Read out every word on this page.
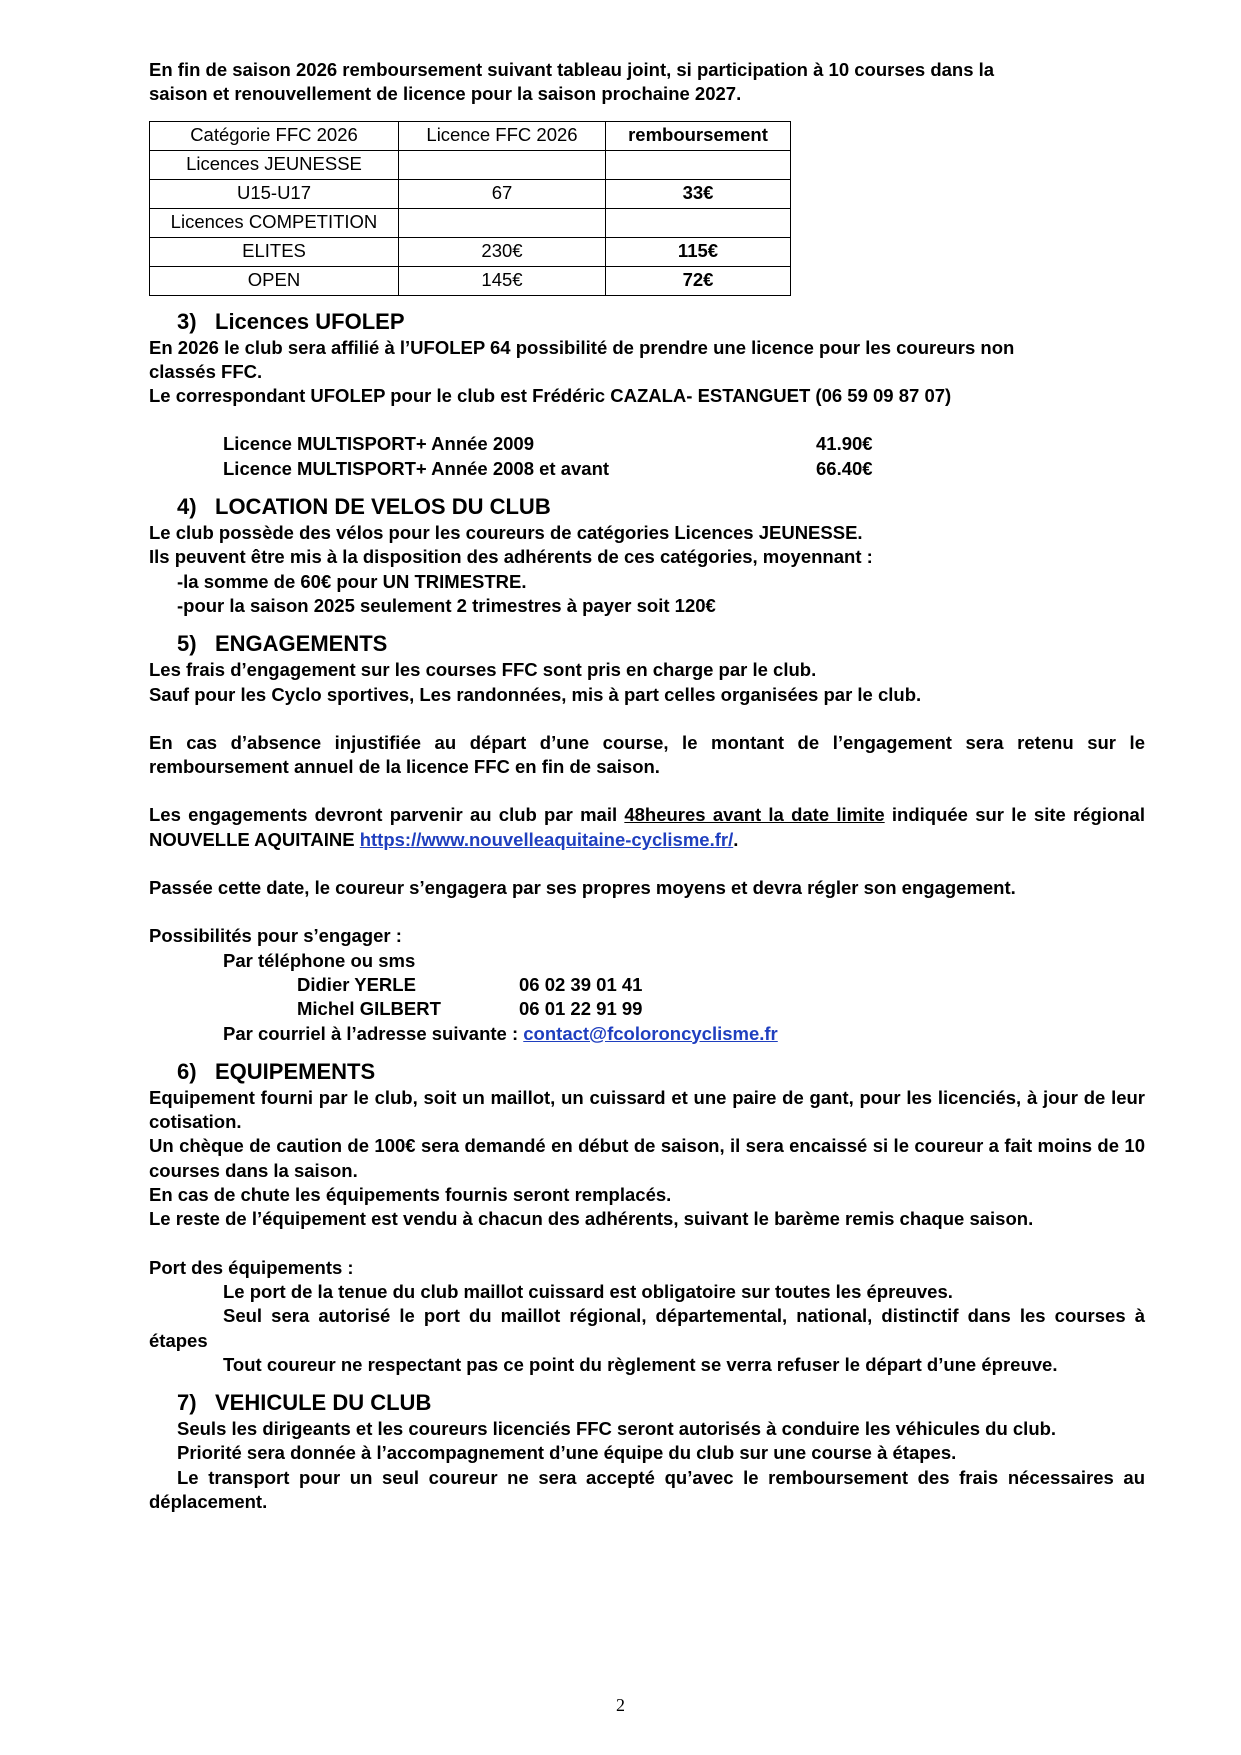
En fin de saison 2026 remboursement suivant tableau joint, si participation à 10 courses dans la

saison et renouvellement de licence pour la saison prochaine 2027.

Catégorie FFC 2026	Licence FFC 2026	remboursement
Licences JEUNESSE		
U15-U17	67	33€
Licences COMPETITION		
ELITES	230€	115€
OPEN	145€	72€
3) Licences UFOLEP

En 2026 le club sera affilié à l’UFOLEP 64 possibilité de prendre une licence pour les coureurs non

classés FFC.

Le correspondant UFOLEP pour le club est Frédéric CAZALA- ESTANGUET (06 59 09 87 07)

Licence MULTISPORT+ Année 2009	41.90€
Licence MULTISPORT+ Année 2008 et avant	66.40€
4) LOCATION DE VELOS DU CLUB

Le club possède des vélos pour les coureurs de catégories Licences JEUNESSE.

Ils peuvent être mis à la disposition des adhérents de ces catégories, moyennant :

-la somme de 60€ pour UN TRIMESTRE.

-pour la saison 2025 seulement 2 trimestres à payer soit 120€

5) ENGAGEMENTS

Les frais d’engagement sur les courses FFC sont pris en charge par le club.

Sauf pour les Cyclo sportives, Les randonnées, mis à part celles organisées par le club.

En cas d’absence injustifiée au départ d’une course, le montant de l’engagement sera retenu sur le remboursement annuel de la licence FFC en fin de saison.

Les engagements devront parvenir au club par mail 48heures avant la date limite indiquée sur le site régional NOUVELLE AQUITAINE https://www.nouvelleaquitaine-cyclisme.fr/.

Passée cette date, le coureur s’engagera par ses propres moyens et devra régler son engagement.

Possibilités pour s’engager :

Par téléphone ou sms

Didier YERLE	06 02 39 01 41
Michel GILBERT	06 01 22 91 99

Par courriel à l’adresse suivante : contact@fcoloroncyclisme.fr

6) EQUIPEMENTS

Equipement fourni par le club, soit un maillot, un cuissard et une paire de gant, pour les licenciés, à jour de leur cotisation.

Un chèque de caution de 100€ sera demandé en début de saison, il sera encaissé si le coureur a fait moins de 10 courses dans la saison.

En cas de chute les équipements fournis seront remplacés.

Le reste de l’équipement est vendu à chacun des adhérents, suivant le barème remis chaque saison.

Port des équipements :

Le port de la tenue du club maillot cuissard est obligatoire sur toutes les épreuves.

Seul sera autorisé le port du maillot régional, départemental, national, distinctif dans les courses à étapes

Tout coureur ne respectant pas ce point du règlement se verra refuser le départ d’une épreuve.

7) VEHICULE DU CLUB

Seuls les dirigeants et les coureurs licenciés FFC seront autorisés à conduire les véhicules du club.

Priorité sera donnée à l’accompagnement d’une équipe du club sur une course à étapes.

Le transport pour un seul coureur ne sera accepté qu’avec le remboursement des frais nécessaires au déplacement.

2
